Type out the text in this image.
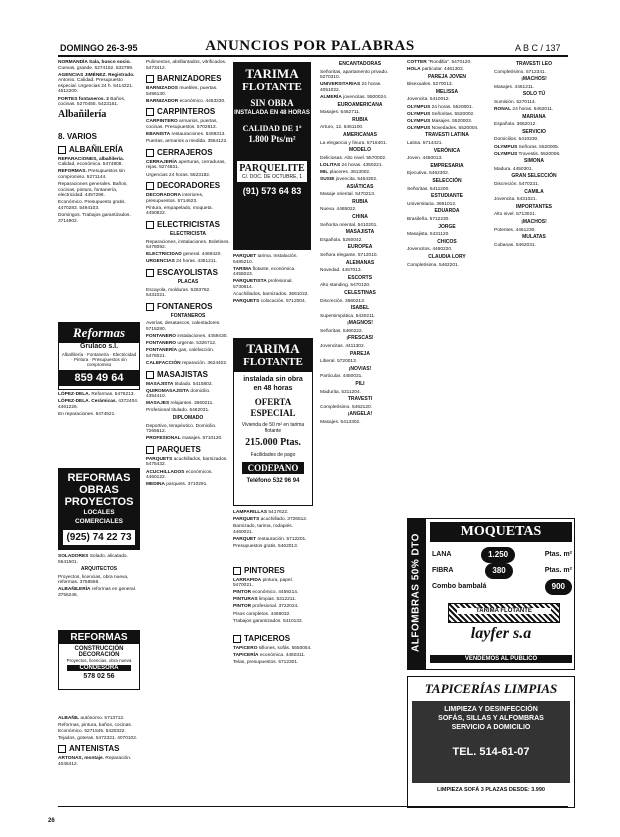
DOMINGO 26-3-95	ANUNCIOS POR PALABRAS	A B C / 137

NORMANDÍA Sala, busco socio. Cuevas, grande. 5274152. 532799.

AGENCIAS JIMÉNEZ. Registrado. Antonio. Calidad. Presupuesto especial. Urgencias 24 h. 5414221. 4512200.

FORTES fontaneros. 2 Baños, cocinas. 5270455. 5423161.

Albañilería
8. VARIOS
ALBAÑILERÍA

REPARACIONES, albañilería. Calidad, económica. 5474808.

REFORMAS. Presupuestos sin compromiso. 5271144.

Reparaciones generales. Baños, cocinas, pintura, fontanería, electricidad. 4457296.

Económico. Presupuesto gratis. 4470283. 5494103.

Domingos. Trabajos garantizados. 3714902.

Reformas
Grulaco s.l.
Albañilería · Fontanería · Electricidad · Pintura · Presupuestos sin compromiso
859 49 64

LÓPEZ-DELA. Reformas. 5476213.

LÓPEZ-DELA. Cerámicas. 4372404. 4461226.

En reparaciones. 5474521.

REFORMAS
OBRAS
PROYECTOS
LOCALES COMERCIALES
(925) 74 22 73

SOLADORES Solado, alicatado. 5541501.

ARQUITECTOS

Proyectos, licencias, obra nueva, reformas. 3758566.

ALBAÑILERÍA reformas en general. 3755246.

REFORMAS
CONSTRUCCIÓN
DECORACIÓN
Proyectos, licencias, obra nueva
CONDESORA
578 02 56

ALBAÑIL autónomo. 5713712.

Reformas, pintura, baños, cocinas. Económico. 5271545. 5420322.

Tejados, goteras. 5472321. 4070102.

ANTENISTAS

ARTONAS, montaje. Reparación. 4045412.

Pulimentos, abrillantados, vitrificados. 5473412.

BARNIZADORES

BARNIZADOS muebles, puertas. 5496130.

BARNIZADOR económico. 4453230.

CARPINTEROS

CARPINTERO armarios, puertas, cocinas. Presupuestos. 5702813.

EBANISTA restauraciones. 5469313.

Puertas, armarios a medida. 3564122.

CERRAJEROS

CERRAJERÍA aperturas, cerraduras, rejas. 5274831.

Urgencias 24 horas. 5523182.

DECORADORES

DECORADORA interiores, presupuestos. 5714623.

Pintura, empapelado, moqueta. 4450822.

ELECTRICISTAS
ELECTRICISTA

Reparaciones, instalaciones. Boletines. 5478092.

ELECTRICIDAD general. 4468420.

URGENCIAS 24 horas. 4351211.

ESCAYOLISTAS
PLACAS

Escayola, molduras. 5263762. 5431021.

FONTANEROS
FONTANEROS

Averías, desatascos, calentadores. 5715280.

FONTANERO instalaciones. 4459430.

FONTANERO urgente. 5326712.

FONTANERÍA gas, calefacción. 5478021.

CALEFACCIÓN reparación. 3624402.

MASAJISTAS

MASAJISTA titulado. 5415802.

QUIROMASAJISTA domicilio. 4354410.

MASAJES relajantes. 3660211.

Profesional titulado. 5462031.

DIPLOMADO

Deportivo, terapéutico. Domicilio. 7265612.

PROFESIONAL masajes. 5710120.

PARQUETS

PARQUETS acuchillados, barnizados. 5475432.

ACUCHILLADOS económicos. 4460122.

MEDINA parquets. 3710291.

TARIMA
FLOTANTE
SIN OBRA
INSTALADA EN 48 HORAS
CALIDAD DE 1ª
1.800 Pts/m²
PARQUELITE
C/. DOC. DE OCTUBRE, 1
(91) 573 64 83

PARQUET tarima. Instalación. 5485210.

TARIMA flotante, económica. 4455023.

PARQUETISTA profesional. 5730614.

Acuchillados, barnizados. 3661022.

PARQUETS colocación. 5712004.

TARIMA
FLOTANTE
instalada sin obra
en 48 horas
OFERTA ESPECIAL
Vivienda de 50 m² en tarima flotante
215.000 Ptas.
Facilidades de pago
CODEPANO
Teléfono 532 96 94

LAMPARILLAS 5417622.

PARQUETS acuchillado. 3726512.

Barnizado, tarima, rodapiés. 4460021.

PARQUET restauración. 5712201.

Presupuestos gratis. 5462013.

PINTORES

LARRAPIDA pintura, papel. 5470021.

PINTOR económico. 4459214.

PINTURAS limpias. 5312211.

PINTOR profesional. 3722024.

Pisos completos. 4466032.

Trabajos garantizados. 5410132.

TAPICEROS

TAPICERO sillones, sofás. 5550054.

TAPICERÍA económica. 4460311.

Telas, presupuestos. 5712301.

ENCANTADORAS

Señoritas, apartamento privado. 5270310.

UNIVERSITARIAS 24 horas. 4051022.

ALMERÍA jovencitas. 5500024.

EUROAMERICANA

Masajes. 5462711.

RUBIA

Arturo, 12. 5461100.

AMERICANAS

La elegancia y finura. 5716401.

MODELO

Deliciosas. Alto nivel. 5570002.

LOLITAS 24 horas. 4350221.

MIL placeres. 3613002.

SUSIE jovencita. 5464302.

ASIÁTICAS

Masaje oriental. 5470213.

RUBIA

Nueva. 4465022.

CHINA

Señorita oriental. 5410201.

MASAJISTA

Española. 5260042.

EUROPEA

Señora elegante. 5712010.

ALEMANAS

Novedad. 4457013.

ESCORTS

Alto standing. 5470120.

CELESTINAS

Discreción. 3660213.

ISABEL

Supersimpática. 5430211.

¡MAGNOS!

Señoritas. 5460222.

¡FRESCAS!

Jovencitas. 4411302.

PAREJA

Liberal. 5720013.

¡NOVIAS!

Particular. 4450031.

PILI

Madurita. 5311204.

TRAVESTI

Completísimo. 5462120.

¡ANGELA!

Masajes. 5413302.

COTTER "Rondilla". 5470120.

HOLA particular. 4461302.

PAREJA JOVEN

Bisexuales. 5270013.

MELISSA

Jovencita. 5410012.

OLYMPUS 24 horas. 5520001.

OLYMPUS Señoritas. 5520002.

OLYMPUS Masajes. 5520003.

OLYMPUS Novedades. 5520004.

TRAVESTI LATINA

Latina. 5714421.

VERÓNICA

Joven. 4450013.

EMPRESARIA

Ejecutiva. 5462302.

SELECCIÓN

Señoritas. 5411200.

ESTUDIANTE

Universitaria. 3661012.

EDUARDA

Brasileña. 5712230.

JORGE

Masajista. 5431120.

CHICOS

Jovencitos. 4460220.

CLAUDIA LORY

Completísima. 5462201.

TRAVESTI LEO

Completísimo. 5712341.

¡MACHOS!

Masajes. 4461211.

SOLO TÚ

Sumisión. 5270114.

RONAL 24 horas. 5462011.

MARIANA

Española. 3662012.

SERVICIO

Domicilios. 5410230.

OLYMPUS Señoras. 5520005.

OLYMPUS Travestis. 5520006.

SIMONA

Madura. 4450301.

GRAN SELECCIÓN

Discreción. 5470231.

CAMILA

Jovencita. 5431021.

IMPORTANTES

Alto nivel. 5713021.

¡MACHOS!

Potentes. 4461230.

MULATAS

Cubanas. 5462031.

ALFOMBRAS 50% DTO
MOQUETAS
LANA	1.250	Ptas. m²
FIBRA	380	Ptas. m²
Combo bambalá	900
TARIMA FLOTANTE
layfer s.a
VENDEMOS AL PÚBLICO
TAPICERÍAS LIMPIAS
LIMPIEZA Y DESINFECCIÓN
SOFÁS, SILLAS Y ALFOMBRAS
SERVICIO A DOMICILIO
TEL. 514-61-07
LIMPIEZA SOFÁ 3 PLAZAS DESDE: 3.990
26
